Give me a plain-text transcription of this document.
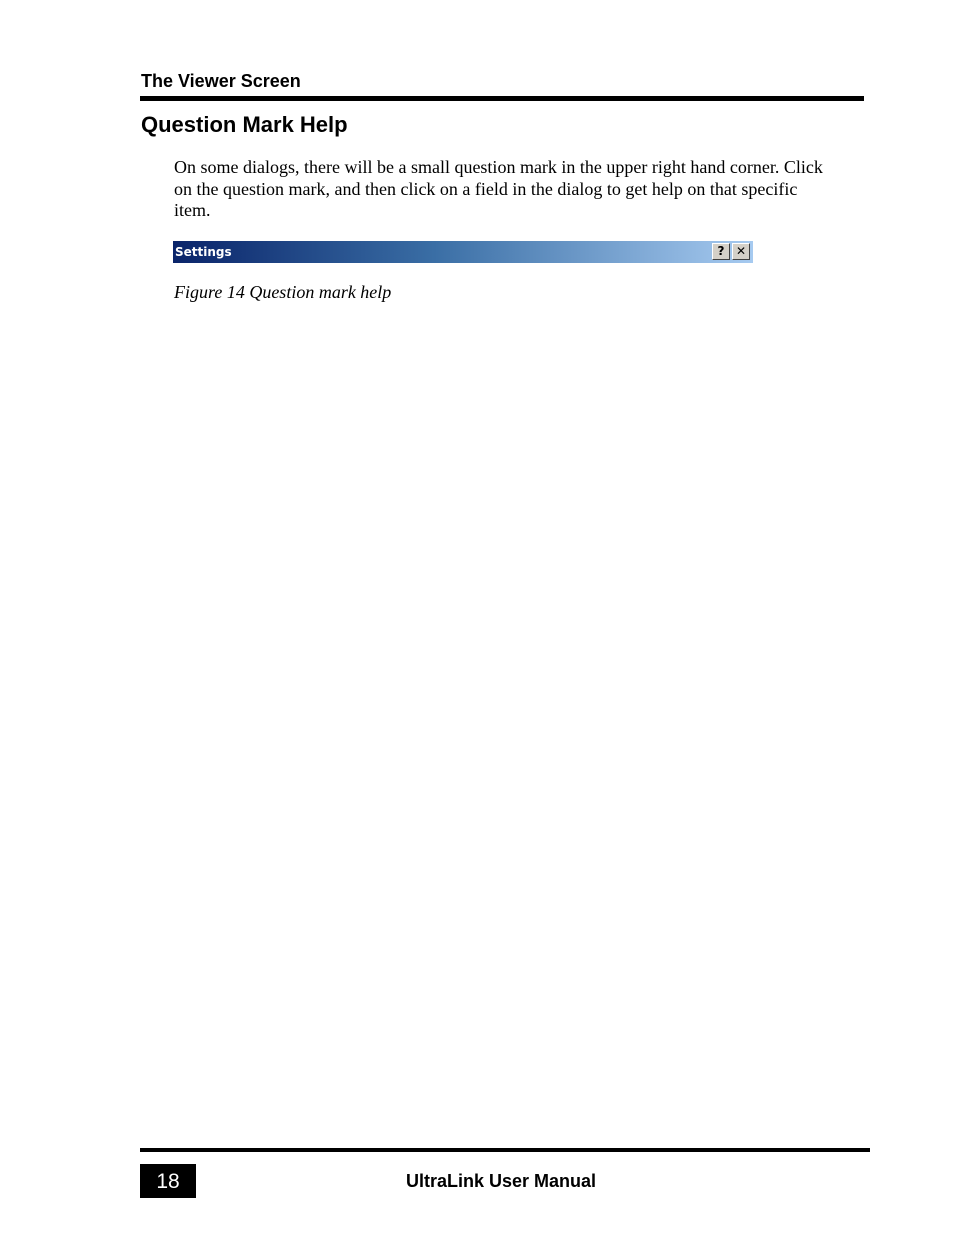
The Viewer Screen
Question Mark Help
On some dialogs, there will be a small question mark in the upper right hand corner. Click on the question mark, and then click on a field in the dialog to get help on that specific item.
Settings	? ✕
Figure 14 Question mark help
18	UltraLink User Manual
